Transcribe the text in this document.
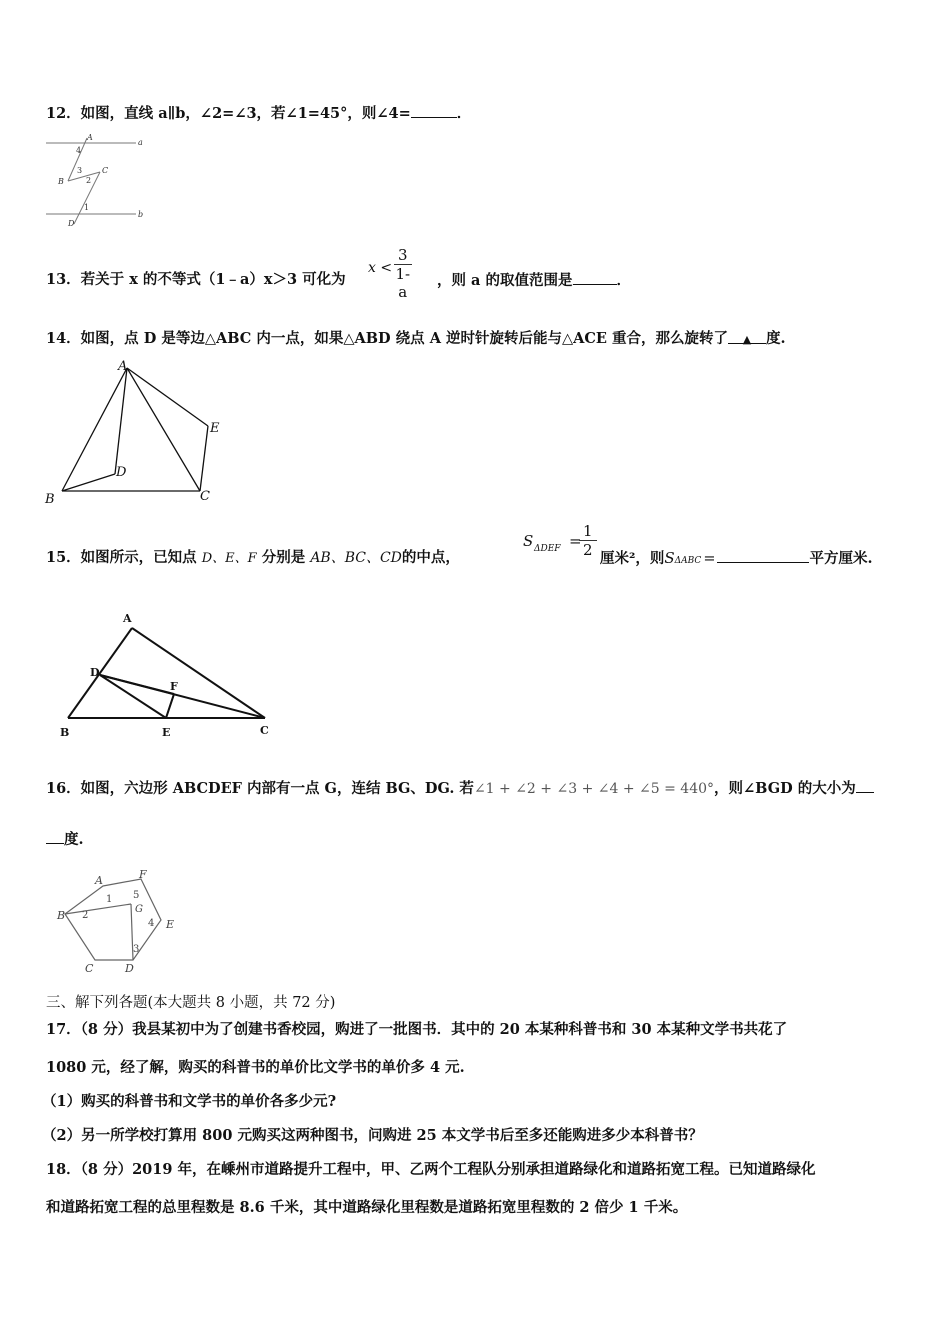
12．如图，直线 a∥b，∠2=∠3，若∠1=45°，则∠4=	．
A
a
b
B
C
D
4
3
2
1
13．若关于 x 的不等式（1﹣a）x＞3 可化为
$x < \frac{3}{1- a}$ ，则 a 的取值范围是	．
14．如图，点 D 是等边△ABC 内一点，如果△ABD 绕点 A 逆时针旋转后能与△ACE 重合，那么旋转了 ▲ 度.
A
B	C
D
E
15．如图所示，已知点 D、E、F 分别是 AB、BC、CD的中点，
S ΔDEF =
$\frac{1}{2}$ 厘米²，则SΔABC =	平方厘米.
A
B	C
D
E
F
16．如图，六边形 ABCDEF 内部有一点 G，连结 BG、DG. 若∠1 + ∠2 + ∠3 + ∠4 + ∠5 = 440°，则∠BGD 的大小为
度.
A
B
C	D
E
F
G
1
2
3
4
5
三、解下列各题(本大题共 8 小题，共 72 分)
17．（8 分）我县某初中为了创建书香校园，购进了一批图书．其中的 20 本某种科普书和 30 本某种文学书共花了
1080 元，经了解，购买的科普书的单价比文学书的单价多 4 元.
（1）购买的科普书和文学书的单价各多少元?
（2）另一所学校打算用 800 元购买这两种图书，问购进 25 本文学书后至多还能购进多少本科普书？
18．（8 分）2019 年，在嵊州市道路提升工程中，甲、乙两个工程队分别承担道路绿化和道路拓宽工程。已知道路绿化
和道路拓宽工程的总里程数是 8.6 千米，其中道路绿化里程数是道路拓宽里程数的 2 倍少 1 千米。
